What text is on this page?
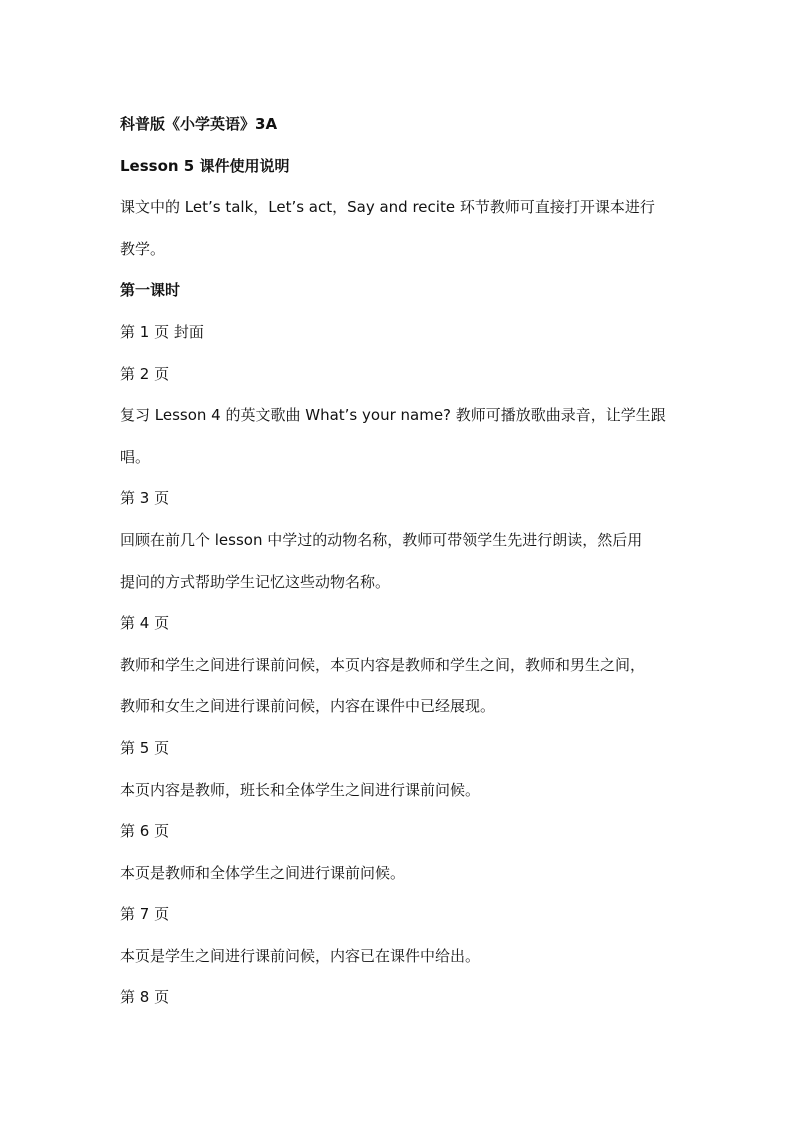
科普版《小学英语》3A
Lesson 5 课件使用说明
课文中的 Let’s talk，Let’s act，Say and recite 环节教师可直接打开课本进行
教学。
第一课时
第 1 页 封面
第 2 页
复习 Lesson 4 的英文歌曲 What’s your name? 教师可播放歌曲录音，让学生跟
唱。
第 3 页
回顾在前几个 lesson 中学过的动物名称，教师可带领学生先进行朗读，然后用
提问的方式帮助学生记忆这些动物名称。
第 4 页
教师和学生之间进行课前问候，本页内容是教师和学生之间，教师和男生之间，
教师和女生之间进行课前问候，内容在课件中已经展现。
第 5 页
本页内容是教师，班长和全体学生之间进行课前问候。
第 6 页
本页是教师和全体学生之间进行课前问候。
第 7 页
本页是学生之间进行课前问候，内容已在课件中给出。
第 8 页
